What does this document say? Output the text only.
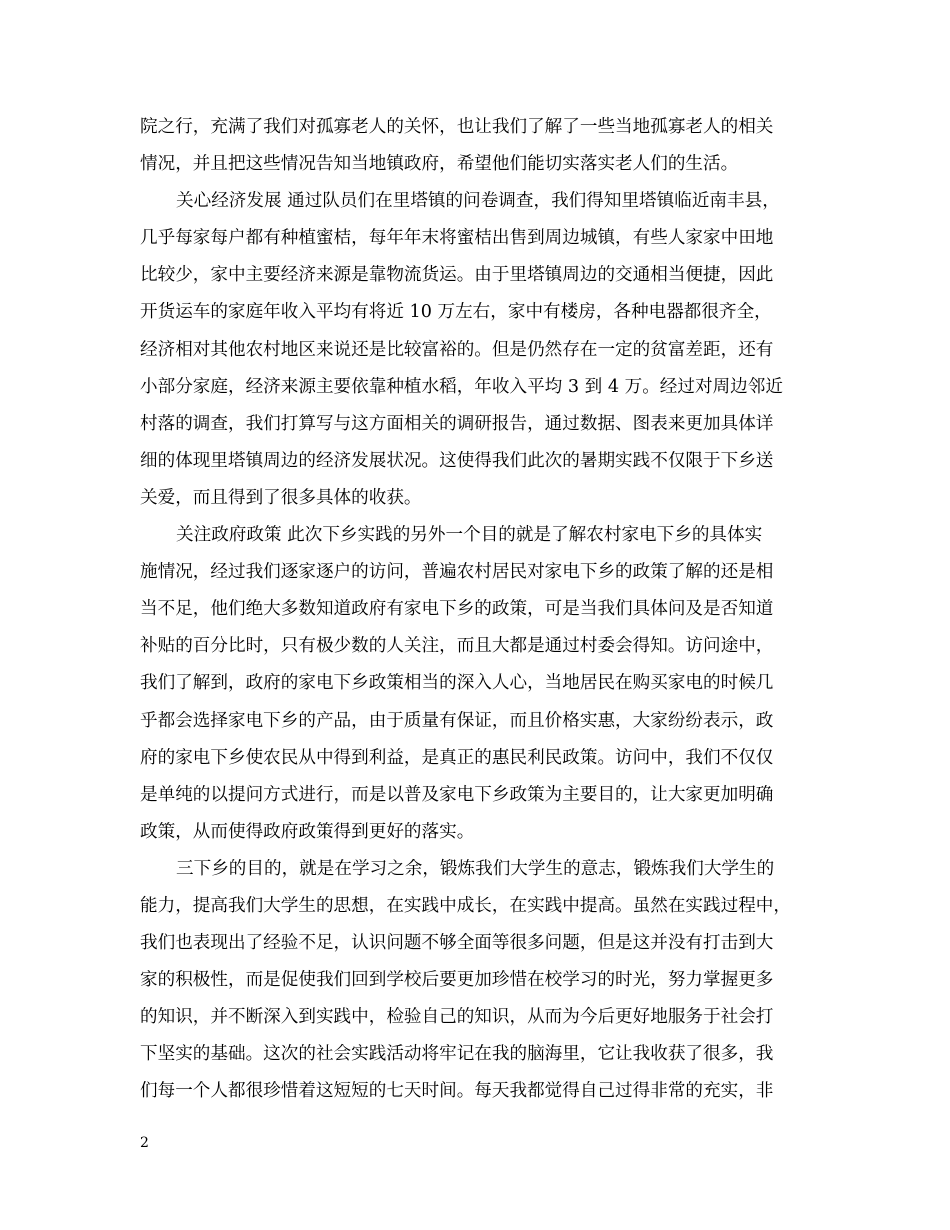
院之行，充满了我们对孤寡老人的关怀，也让我们了解了一些当地孤寡老人的相关
情况，并且把这些情况告知当地镇政府，希望他们能切实落实老人们的生活。
关心经济发展 通过队员们在里塔镇的问卷调查，我们得知里塔镇临近南丰县，
几乎每家每户都有种植蜜桔，每年年末将蜜桔出售到周边城镇，有些人家家中田地
比较少，家中主要经济来源是靠物流货运。由于里塔镇周边的交通相当便捷，因此
开货运车的家庭年收入平均有将近 10 万左右，家中有楼房，各种电器都很齐全，
经济相对其他农村地区来说还是比较富裕的。但是仍然存在一定的贫富差距，还有
小部分家庭，经济来源主要依靠种植水稻，年收入平均 3 到 4 万。经过对周边邻近
村落的调查，我们打算写与这方面相关的调研报告，通过数据、图表来更加具体详
细的体现里塔镇周边的经济发展状况。这使得我们此次的暑期实践不仅限于下乡送
关爱，而且得到了很多具体的收获。
关注政府政策 此次下乡实践的另外一个目的就是了解农村家电下乡的具体实
施情况，经过我们逐家逐户的访问，普遍农村居民对家电下乡的政策了解的还是相
当不足，他们绝大多数知道政府有家电下乡的政策，可是当我们具体问及是否知道
补贴的百分比时，只有极少数的人关注，而且大都是通过村委会得知。访问途中，
我们了解到，政府的家电下乡政策相当的深入人心，当地居民在购买家电的时候几
乎都会选择家电下乡的产品，由于质量有保证，而且价格实惠，大家纷纷表示，政
府的家电下乡使农民从中得到利益，是真正的惠民利民政策。访问中，我们不仅仅
是单纯的以提问方式进行，而是以普及家电下乡政策为主要目的，让大家更加明确
政策，从而使得政府政策得到更好的落实。
三下乡的目的，就是在学习之余，锻炼我们大学生的意志，锻炼我们大学生的
能力，提高我们大学生的思想，在实践中成长，在实践中提高。虽然在实践过程中，
我们也表现出了经验不足，认识问题不够全面等很多问题，但是这并没有打击到大
家的积极性，而是促使我们回到学校后要更加珍惜在校学习的时光，努力掌握更多
的知识，并不断深入到实践中，检验自己的知识，从而为今后更好地服务于社会打
下坚实的基础。这次的社会实践活动将牢记在我的脑海里，它让我收获了很多，我
们每一个人都很珍惜着这短短的七天时间。每天我都觉得自己过得非常的充实，非
2
